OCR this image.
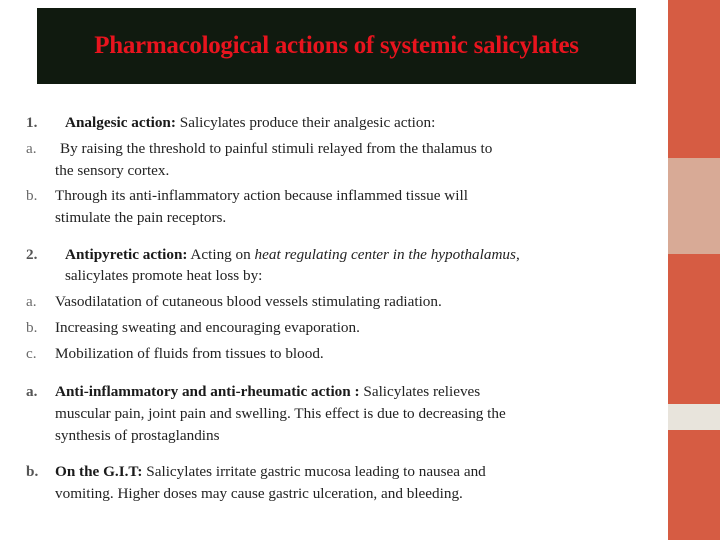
Pharmacological actions of systemic salicylates
1. Analgesic action: Salicylates produce their analgesic action:
a. By raising the threshold to painful stimuli relayed from the thalamus to
the sensory cortex.
b. Through its anti-inflammatory action because inflammed tissue will
stimulate the pain receptors.
2. Antipyretic action: Acting on heat regulating center in the hypothalamus,
salicylates promote heat loss by:
a. Vasodilatation of cutaneous blood vessels stimulating radiation.
b. Increasing sweating and encouraging evaporation.
c. Mobilization of fluids from tissues to blood.
a. Anti-inflammatory and anti-rheumatic action : Salicylates relieves
muscular pain, joint pain and swelling. This effect is due to decreasing the
synthesis of prostaglandins
b. On the G.I.T: Salicylates irritate gastric mucosa leading to nausea and
vomiting. Higher doses may cause gastric ulceration, and bleeding.
